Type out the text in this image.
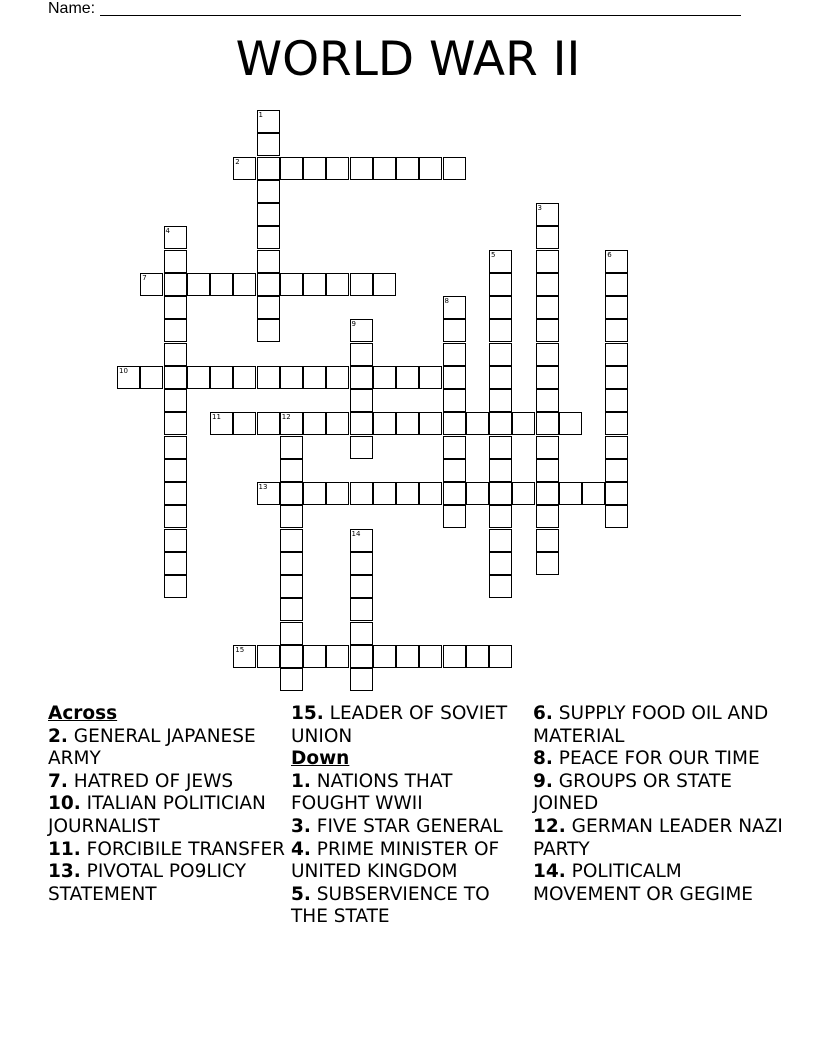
Name:
WORLD WAR II
1
2
3
4
5	6
7
8
9
10
11	12
13
14
15

Across

2. GENERAL JAPANESE ARMY

7. HATRED OF JEWS

10. ITALIAN POLITICIAN JOURNALIST

11. FORCIBILE TRANSFER

13. PIVOTAL PO9LICY STATEMENT

15. LEADER OF SOVIET UNION

Down

1. NATIONS THAT FOUGHT WWII

3. FIVE STAR GENERAL

4. PRIME MINISTER OF UNITED KINGDOM

5. SUBSERVIENCE TO THE STATE

6. SUPPLY FOOD OIL AND MATERIAL

8. PEACE FOR OUR TIME

9. GROUPS OR STATE JOINED

12. GERMAN LEADER NAZI PARTY

14. POLITICALM MOVEMENT OR GEGIME
